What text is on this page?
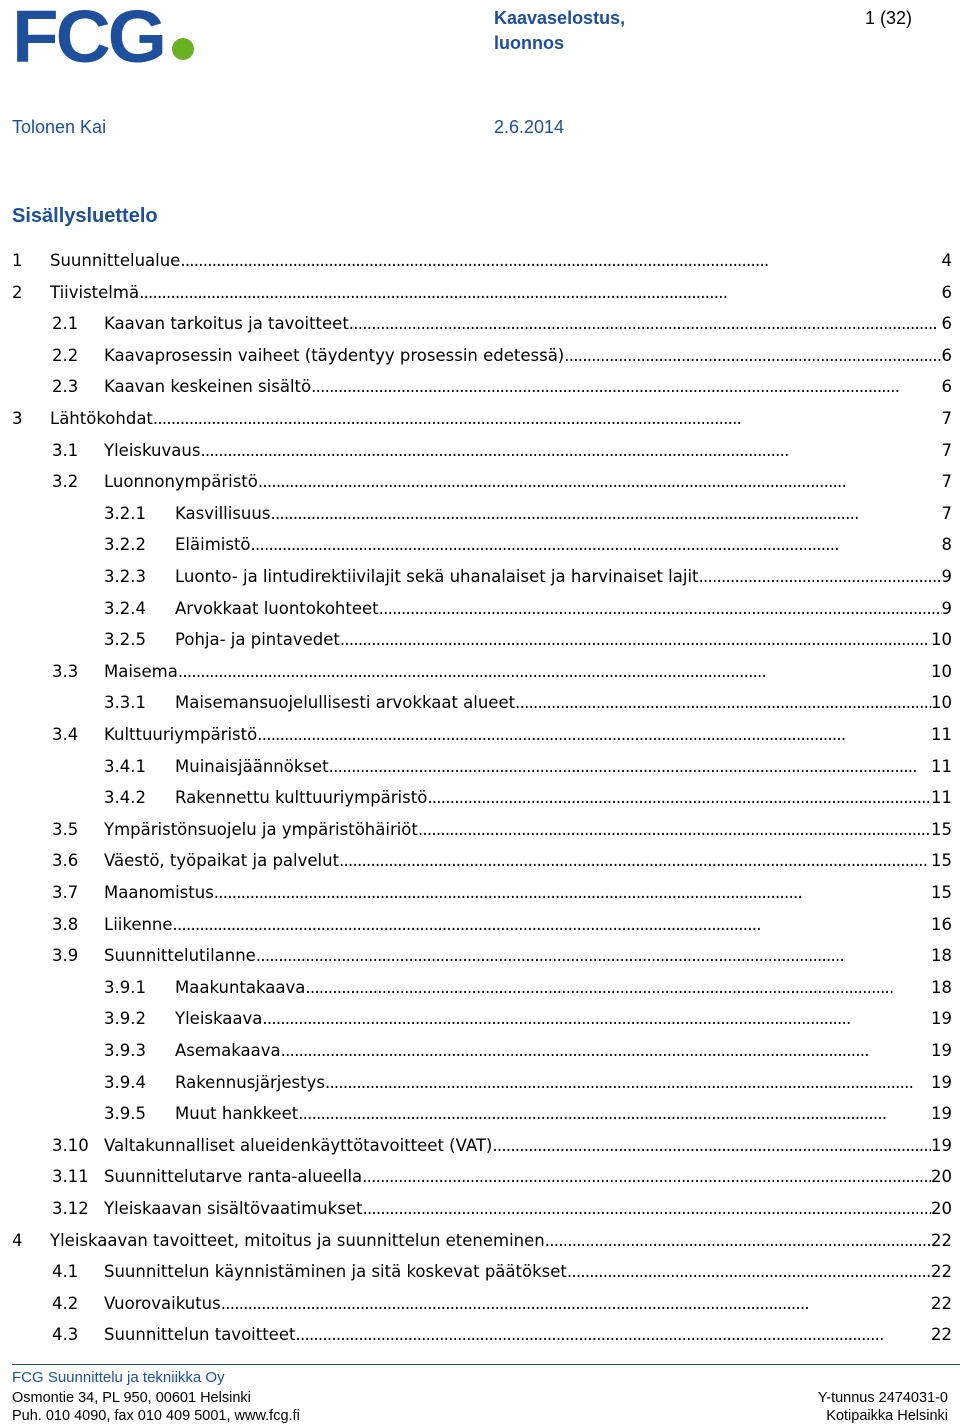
FCG	Kaavaselostus,
luonnos
1 (32)
Tolonen Kai	2.6.2014
Sisällysluettelo
1	Suunnittelualue . . .	4
2	Tiivistelmä . . .	6
2.1	Kaavan tarkoitus ja tavoitteet . . .	6
2.2	Kaavaprosessin vaiheet (täydentyy prosessin edetessä) . . .	6
2.3	Kaavan keskeinen sisältö . . .	6
3	Lähtökohdat . . .	7
3.1	Yleiskuvaus . . .	7
3.2	Luonnonympäristö . . .	7
3.2.1	Kasvillisuus . . .	7
3.2.2	Eläimistö . . .	8
3.2.3	Luonto- ja lintudirektiivilajit sekä uhanalaiset ja harvinaiset lajit . . .	9
3.2.4	Arvokkaat luontokohteet . . .	9
3.2.5	Pohja- ja pintavedet . . .	10
3.3	Maisema . . .	10
3.3.1	Maisemansuojelullisesti arvokkaat alueet . . .	10
3.4	Kulttuuriympäristö . . .	11
3.4.1	Muinaisjäännökset . . .	11
3.4.2	Rakennettu kulttuuriympäristö . . .	11
3.5	Ympäristönsuojelu ja ympäristöhäiriöt . . .	15
3.6	Väestö, työpaikat ja palvelut . . .	15
3.7	Maanomistus . . .	15
3.8	Liikenne . . .	16
3.9	Suunnittelutilanne . . .	18
3.9.1	Maakuntakaava . . .	18
3.9.2	Yleiskaava . . .	19
3.9.3	Asemakaava . . .	19
3.9.4	Rakennusjärjestys . . .	19
3.9.5	Muut hankkeet . . .	19
3.10 Valtakunnalliset alueidenkäyttötavoitteet (VAT) . . .	19
3.11 Suunnittelutarve ranta-alueella . . .	20
3.12 Yleiskaavan sisältövaatimukset . . .	20
4	Yleiskaavan tavoitteet, mitoitus ja suunnittelun eteneminen . . .	22
4.1	Suunnittelun käynnistäminen ja sitä koskevat päätökset . . .	22
4.2	Vuorovaikutus . . .	22
4.3	Suunnittelun tavoitteet . . .	22
FCG Suunnittelu ja tekniikka Oy
Osmontie 34, PL 950, 00601 Helsinki
Puh. 010 4090, fax 010 409 5001, www.fcg.fi
Y-tunnus 2474031-0
Kotipaikka Helsinki
